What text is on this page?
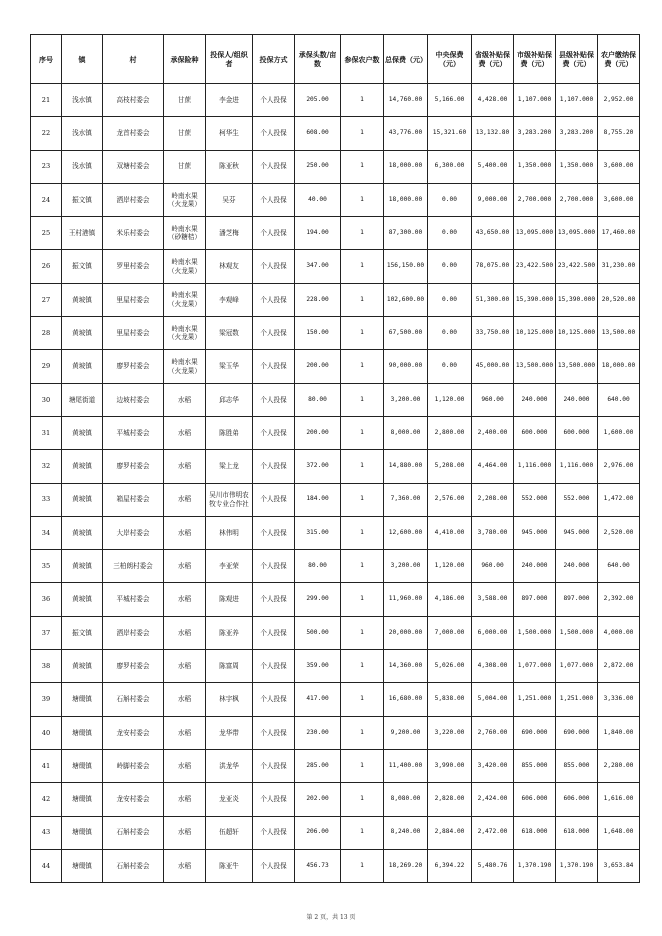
序号	镇	村	承保险种	投保人/组织者	投保方式	承保头数/亩数	参保农户数	总保费（元）	中央保费（元）	省级补贴保费（元）	市级补贴保费（元）	县级补贴保费（元）	农户缴纳保费（元）
21	浅水镇	高枝村委会	甘蔗	李金进	个人投保	205.00	1	14,760.00	5,166.00	4,428.00	1,107.000	1,107.000	2,952.00
22	浅水镇	龙首村委会	甘蔗	柯华生	个人投保	608.00	1	43,776.00	15,321.60	13,132.80	3,283.200	3,283.200	8,755.20
23	浅水镇	双塘村委会	甘蔗	陈亚秋	个人投保	250.00	1	18,000.00	6,300.00	5,400.00	1,350.000	1,350.000	3,600.00
24	振文镇	洒岸村委会	岭南水果（火龙果）	吴芬	个人投保	40.00	1	18,000.00	0.00	9,000.00	2,700.000	2,700.000	3,600.00
25	王村港镇	米乐村委会	岭南水果（砂糖桔）	潘芝梅	个人投保	194.00	1	87,300.00	0.00	43,650.00	13,095.000	13,095.000	17,460.00
26	振文镇	罗里村委会	岭南水果（火龙果）	林观友	个人投保	347.00	1	156,150.00	0.00	78,075.00	23,422.500	23,422.500	31,230.00
27	黄坡镇	里屋村委会	岭南水果（火龙果）	李观峰	个人投保	228.00	1	102,600.00	0.00	51,300.00	15,390.000	15,390.000	20,520.00
28	黄坡镇	里屋村委会	岭南水果（火龙果）	梁冠数	个人投保	150.00	1	67,500.00	0.00	33,750.00	10,125.000	10,125.000	13,500.00
29	黄坡镇	廖罗村委会	岭南水果（火龙果）	梁玉华	个人投保	200.00	1	90,000.00	0.00	45,000.00	13,500.000	13,500.000	18,000.00
30	塘尾街道	边坡村委会	水稻	邱志华	个人投保	80.00	1	3,200.00	1,120.00	960.00	240.000	240.000	640.00
31	黄坡镇	平城村委会	水稻	陈胜弟	个人投保	200.00	1	8,000.00	2,800.00	2,400.00	600.000	600.000	1,600.00
32	黄坡镇	廖罗村委会	水稻	梁上龙	个人投保	372.00	1	14,880.00	5,208.00	4,464.00	1,116.000	1,116.000	2,976.00
33	黄坡镇	箱屋村委会	水稻	吴川市伟明农牧专业合作社	个人投保	184.00	1	7,360.00	2,576.00	2,208.00	552.000	552.000	1,472.00
34	黄坡镇	大岸村委会	水稻	林伟明	个人投保	315.00	1	12,600.00	4,410.00	3,780.00	945.000	945.000	2,520.00
35	黄坡镇	三柏朗村委会	水稻	李亚荣	个人投保	80.00	1	3,200.00	1,120.00	960.00	240.000	240.000	640.00
36	黄坡镇	平城村委会	水稻	陈观进	个人投保	299.00	1	11,960.00	4,186.00	3,588.00	897.000	897.000	2,392.00
37	振文镇	洒岸村委会	水稻	陈亚养	个人投保	500.00	1	20,000.00	7,000.00	6,000.00	1,500.000	1,500.000	4,000.00
38	黄坡镇	廖罗村委会	水稻	陈富周	个人投保	359.00	1	14,360.00	5,026.00	4,308.00	1,077.000	1,077.000	2,872.00
39	塘缀镇	石斛村委会	水稻	林宇枫	个人投保	417.00	1	16,680.00	5,838.00	5,004.00	1,251.000	1,251.000	3,336.00
40	塘缀镇	龙安村委会	水稻	龙华带	个人投保	230.00	1	9,200.00	3,220.00	2,760.00	690.000	690.000	1,840.00
41	塘缀镇	岭脚村委会	水稻	洪龙华	个人投保	285.00	1	11,400.00	3,990.00	3,420.00	855.000	855.000	2,280.00
42	塘缀镇	龙安村委会	水稻	龙亚炎	个人投保	202.00	1	8,080.00	2,828.00	2,424.00	606.000	606.000	1,616.00
43	塘缀镇	石斛村委会	水稻	伍超轩	个人投保	206.00	1	8,240.00	2,884.00	2,472.00	618.000	618.000	1,648.00
44	塘缀镇	石斛村委会	水稻	陈亚牛	个人投保	456.73	1	18,269.20	6,394.22	5,480.76	1,370.190	1,370.190	3,653.84
第 2 页，共 13 页
